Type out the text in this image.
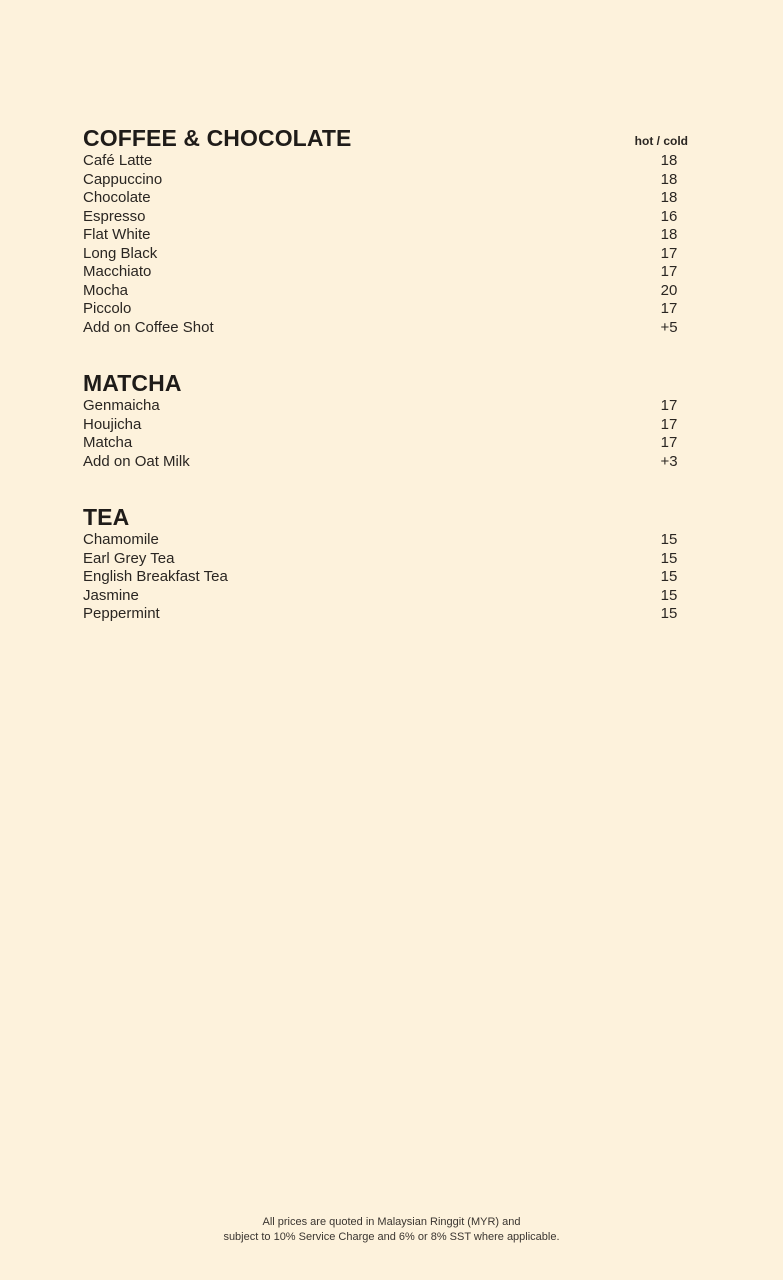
COFFEE & CHOCOLATE	hot / cold
Café Latte	18
Cappuccino	18
Chocolate	18
Espresso	16
Flat White	18
Long Black	17
Macchiato	17
Mocha	20
Piccolo	17
Add on Coffee Shot	+5
MATCHA
Genmaicha	17
Houjicha	17
Matcha	17
Add on Oat Milk	+3
TEA
Chamomile	15
Earl Grey Tea	15
English Breakfast Tea	15
Jasmine	15
Peppermint	15
All prices are quoted in Malaysian Ringgit (MYR) and
subject to 10% Service Charge and 6% or 8% SST where applicable.
